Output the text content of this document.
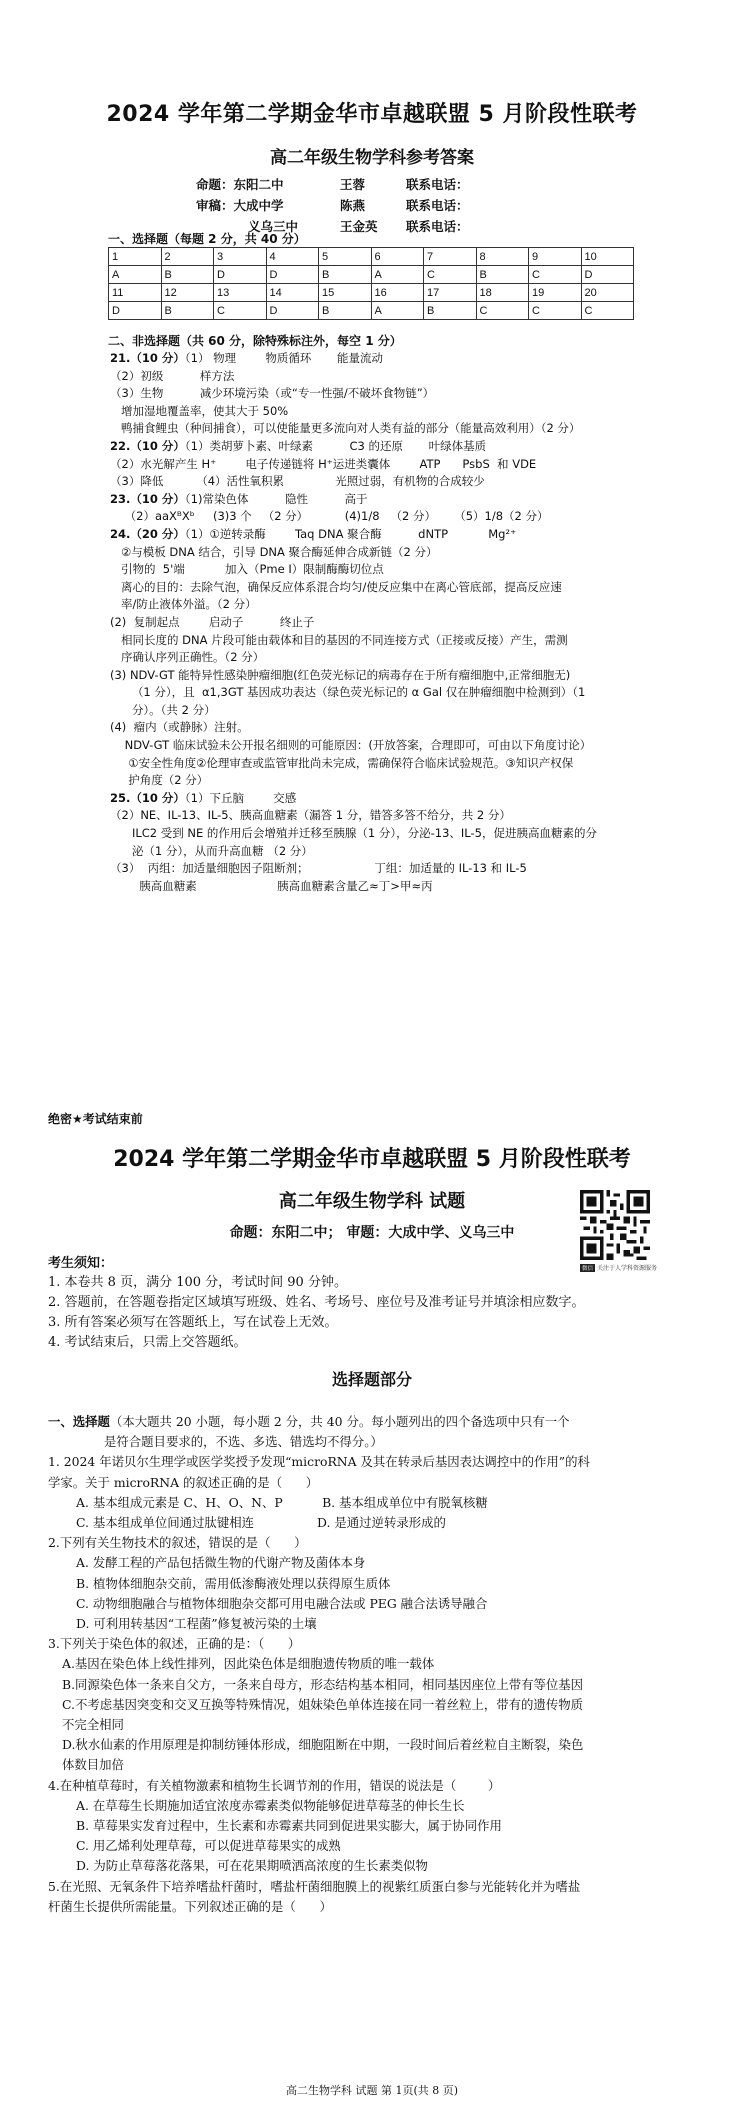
2024 学年第二学期金华市卓越联盟 5 月阶段性联考
高二年级生物学科参考答案
命题：东阳二中	王蓉	联系电话：
审稿：大成中学	陈燕	联系电话：
义乌三中	王金英 联系电话：
一、选择题（每题 2 分，共 40 分）
1	2	3	4	5	6	7	8	9	10
A	B	D	D	B	A	C	B	C	D
11	12	13	14	15	16	17	18	19	20
D	B	C	D	B	A	B	C	C	C
二、非选择题（共 60 分，除特殊标注外，每空 1 分）
21.（10 分）（1） 物理        物质循环       能量流动
（2）初级          样方法
（3）生物          减少环境污染（或“专一性强/不破坏食物链”）
增加湿地覆盖率，使其大于 50%
鸭捕食鲤虫（种间捕食），可以使能量更多流向对人类有益的部分（能量高效利用）（2 分）
22.（10 分）（1）类胡萝卜素、叶绿素          C3 的还原       叶绿体基质
（2）水光解产生 H⁺        电子传递链将 H⁺运进类囊体        ATP      PsbS  和 VDE
（3）降低         （4）活性氧积累              光照过弱，有机物的合成较少
23.（10 分）（1)常染色体          隐性          高于
（2）aaXᴮXᵇ     (3)3 个   （2 分）          (4)1/8   （2 分）     （5）1/8（2 分）
24.（20 分）（1）①逆转录酶        Taq DNA 聚合酶          dNTP           Mg²⁺
②与模板 DNA 结合，引导 DNA 聚合酶延伸合成新链（2 分）
引物的  5'端           加入（Pme I）限制酶酶切位点
离心的目的：去除气泡，确保反应体系混合均匀/使反应集中在离心管底部，提高反应速
率/防止液体外溢。（2 分）
(2)  复制起点        启动子          终止子
相同长度的 DNA 片段可能由载体和目的基因的不同连接方式（正接或反接）产生，需测
序确认序列正确性。（2 分）
(3) NDV-GT 能特异性感染肿瘤细胞(红色荧光标记的病毒存在于所有瘤细胞中,正常细胞无)
（1 分），且  α1,3GT 基因成功表达（绿色荧光标记的 α Gal 仅在肿瘤细胞中检测到）（1
分）。（共 2 分）
(4)  瘤内（或静脉）注射。
NDV-GT 临床试验未公开报名细则的可能原因：(开放答案，合理即可，可由以下角度讨论）
①安全性角度②伦理审查或监管审批尚未完成，需确保符合临床试验规范。③知识产权保
护角度（2 分）
25.（10 分）（1）下丘脑        交感
（2）NE、IL-13、IL-5、胰高血糖素（漏答 1 分，错答多答不给分，共 2 分）
ILC2 受到 NE 的作用后会增殖并迁移至胰腺（1 分），分泌-13、IL-5，促进胰高血糖素的分
泌（1 分），从而升高血糖 （2 分）
（3）  丙组：加适量细胞因子阻断剂；                  丁组：加适量的 IL-13 和 IL-5
胰高血糖素                      胰高血糖素含量乙≈丁>甲≈丙
绝密★考试结束前
2024 学年第二学期金华市卓越联盟 5 月阶段性联考
高二年级生物学科 试题
命题：东阳二中； 审题：大成中学、义乌三中
微信 关注于人学科资源服务
考生须知：
1. 本卷共 8 页，满分 100 分，考试时间 90 分钟。
2. 答题前，在答题卷指定区域填写班级、姓名、考场号、座位号及准考证号并填涂相应数字。
3. 所有答案必须写在答题纸上，写在试卷上无效。
4. 考试结束后，只需上交答题纸。
选择题部分
一、选择题（本大题共 20 小题，每小题 2 分，共 40 分。每小题列出的四个备选项中只有一个
是符合题目要求的，不选、多选、错选均不得分。）
1. 2024 年诺贝尔生理学或医学奖授予发现“microRNA 及其在转录后基因表达调控中的作用”的科
学家。关于 microRNA 的叙述正确的是（      ）
A. 基本组成元素是 C、H、O、N、P          B. 基本组成单位中有脱氧核糖
C. 基本组成单位间通过肽键相连                D. 是通过逆转录形成的
2.下列有关生物技术的叙述，错误的是（      ）
A. 发酵工程的产品包括微生物的代谢产物及菌体本身
B. 植物体细胞杂交前，需用低渗酶液处理以获得原生质体
C. 动物细胞融合与植物体细胞杂交都可用电融合法或 PEG 融合法诱导融合
D. 可利用转基因“工程菌”修复被污染的土壤
3.下列关于染色体的叙述，正确的是：（      ）
A.基因在染色体上线性排列，因此染色体是细胞遗传物质的唯一载体
B.同源染色体一条来自父方，一条来自母方，形态结构基本相同，相同基因座位上带有等位基因
C.不考虑基因突变和交叉互换等特殊情况，姐妹染色单体连接在同一着丝粒上，带有的遗传物质
不完全相同
D.秋水仙素的作用原理是抑制纺锤体形成，细胞阻断在中期，一段时间后着丝粒自主断裂，染色
体数目加倍
4.在种植草莓时，有关植物激素和植物生长调节剂的作用，错误的说法是（        ）
A. 在草莓生长期施加适宜浓度赤霉素类似物能够促进草莓茎的伸长生长
B. 草莓果实发育过程中，生长素和赤霉素共同到促进果实膨大，属于协同作用
C. 用乙烯利处理草莓，可以促进草莓果实的成熟
D. 为防止草莓落花落果，可在花果期喷洒高浓度的生长素类似物
5.在光照、无氧条件下培养嗜盐杆菌时，嗜盐杆菌细胞膜上的视紫红质蛋白参与光能转化并为嗜盐
杆菌生长提供所需能量。下列叙述正确的是（      ）
高二生物学科 试题 第 1页(共 8 页)
